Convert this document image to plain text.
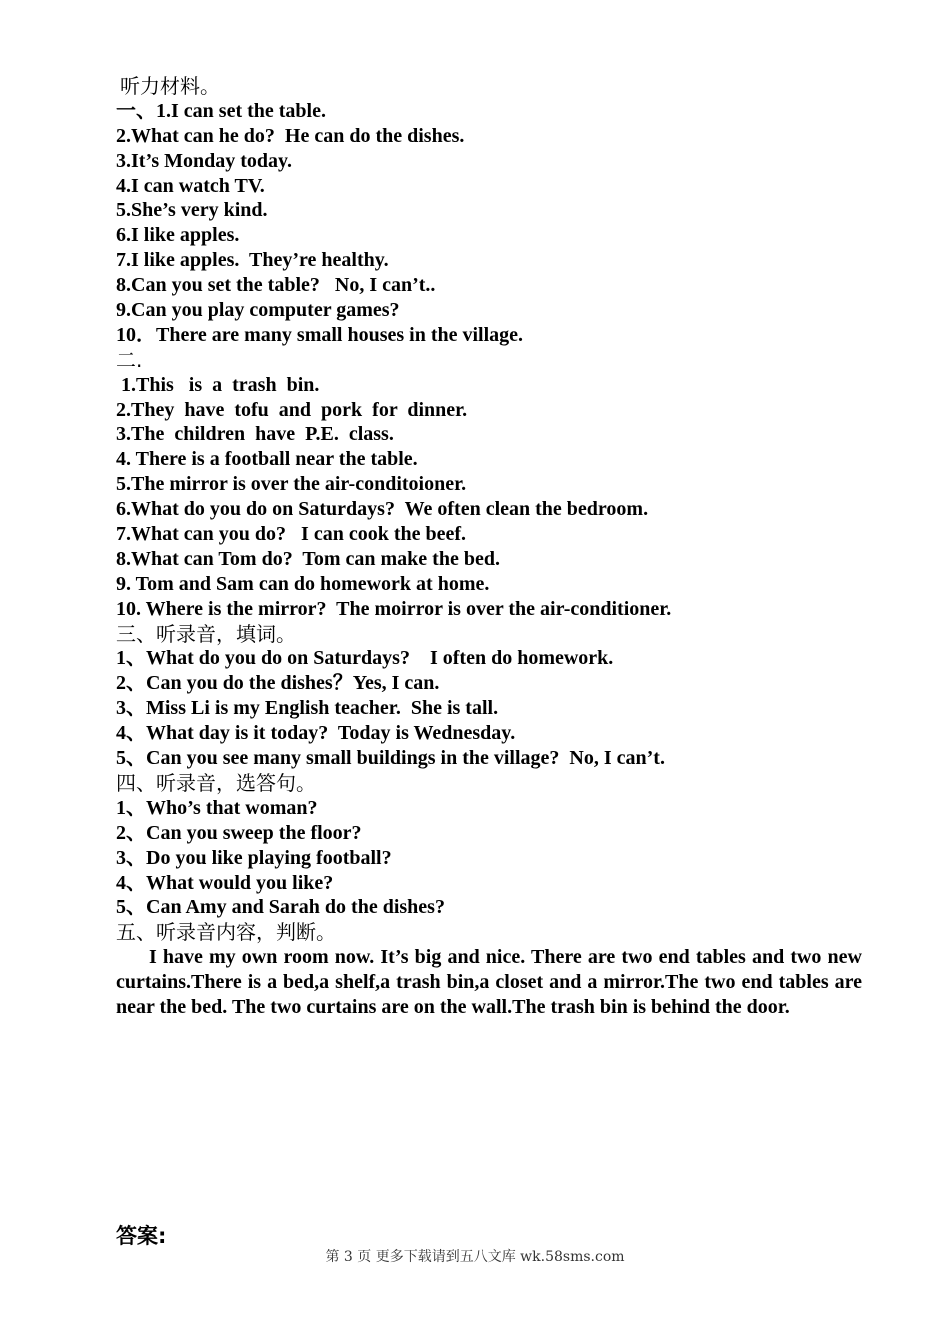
听力材料。
一、1.I can set the table.
2.What can he do?  He can do the dishes.
3.It’s Monday today.
4.I can watch TV.
5.She’s very kind.
6.I like apples.
7.I like apples.  They’re healthy.
8.Can you set the table?   No, I can’t..
9.Can you play computer games?
10．There are many small houses in the village.
二.
1.This   is  a  trash  bin.
2.They  have  tofu  and  pork  for  dinner.
3.The  children  have  P.E.  class.
4. There is a football near the table.
5.The mirror is over the air-conditoioner.
6.What do you do on Saturdays?  We often clean the bedroom.
7.What can you do?   I can cook the beef.
8.What can Tom do?  Tom can make the bed.
9. Tom and Sam can do homework at home.
10. Where is the mirror?  The moirror is over the air-conditioner.
三、听录音，填词。
1、What do you do on Saturdays?    I often do homework.
2、Can you do the dishes？Yes, I can.
3、Miss Li is my English teacher.  She is tall.
4、What day is it today?  Today is Wednesday.
5、Can you see many small buildings in the village?  No, I can’t.
四、听录音，选答句。
1、Who’s that woman?
2、Can you sweep the floor?
3、Do you like playing football?
4、What would you like?
5、Can Amy and Sarah do the dishes?
五、听录音内容，判断。
I have my own room now. It’s big and nice. There are two end tables and two new curtains.There is a bed,a shelf,a trash bin,a closet and a mirror.The two end tables are near the bed. The two curtains are on the wall.The trash bin is behind the door.
答案:
第 3 页 更多下载请到五八文库 wk.58sms.com
